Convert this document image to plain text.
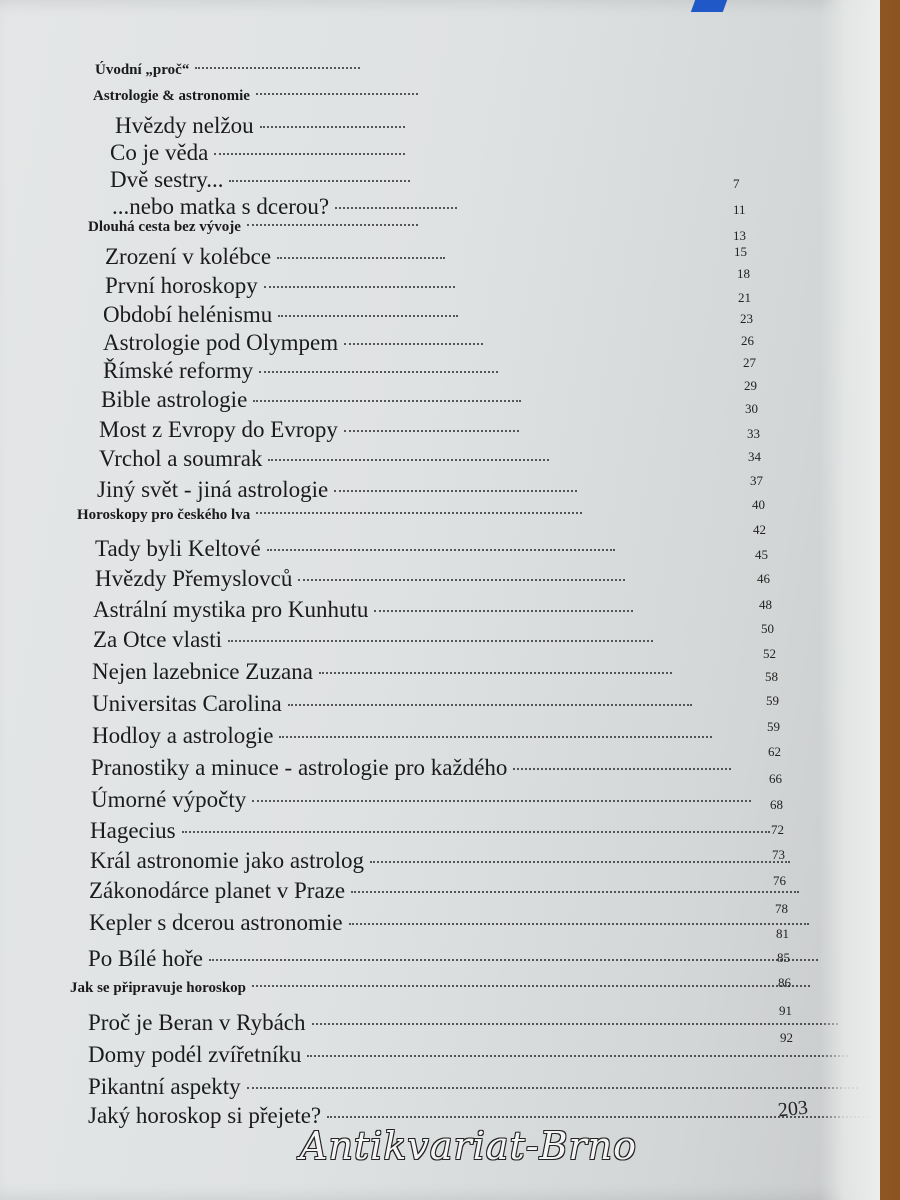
Úvodní „proč“
Astrologie & astronomie
Hvězdy nelžou
Co je věda
Dvě sestry...
...nebo matka s dcerou?
Dlouhá cesta bez vývoje
Zrození v kolébce
První horoskopy
Období helénismu
Astrologie pod Olympem
Římské reformy
Bible astrologie
Most z Evropy do Evropy
Vrchol a soumrak
Jiný svět - jiná astrologie
Horoskopy pro českého lva
Tady byli Keltové
Hvězdy Přemyslovců
Astrální mystika pro Kunhutu
Za Otce vlasti
Nejen lazebnice Zuzana
Universitas Carolina
Hodloy a astrologie
Pranostiky a minuce - astrologie pro každého
Úmorné výpočty
Hagecius
Král astronomie jako astrolog
Zákonodárce planet v Praze
Kepler s dcerou astronomie
Po Bílé hoře
Jak se připravuje horoskop
Proč je Beran v Rybách
Domy podél zvířetníku
Pikantní aspekty
Jaký horoskop si přejete?
7
11
13
15
18
21
23
26
27
29
30
33
34
37
40
42
45
46
48
50
52
58
59
59
62
66
68
72
73
76
78
81
85
86
91
92
203
Antikvariat-Brno
